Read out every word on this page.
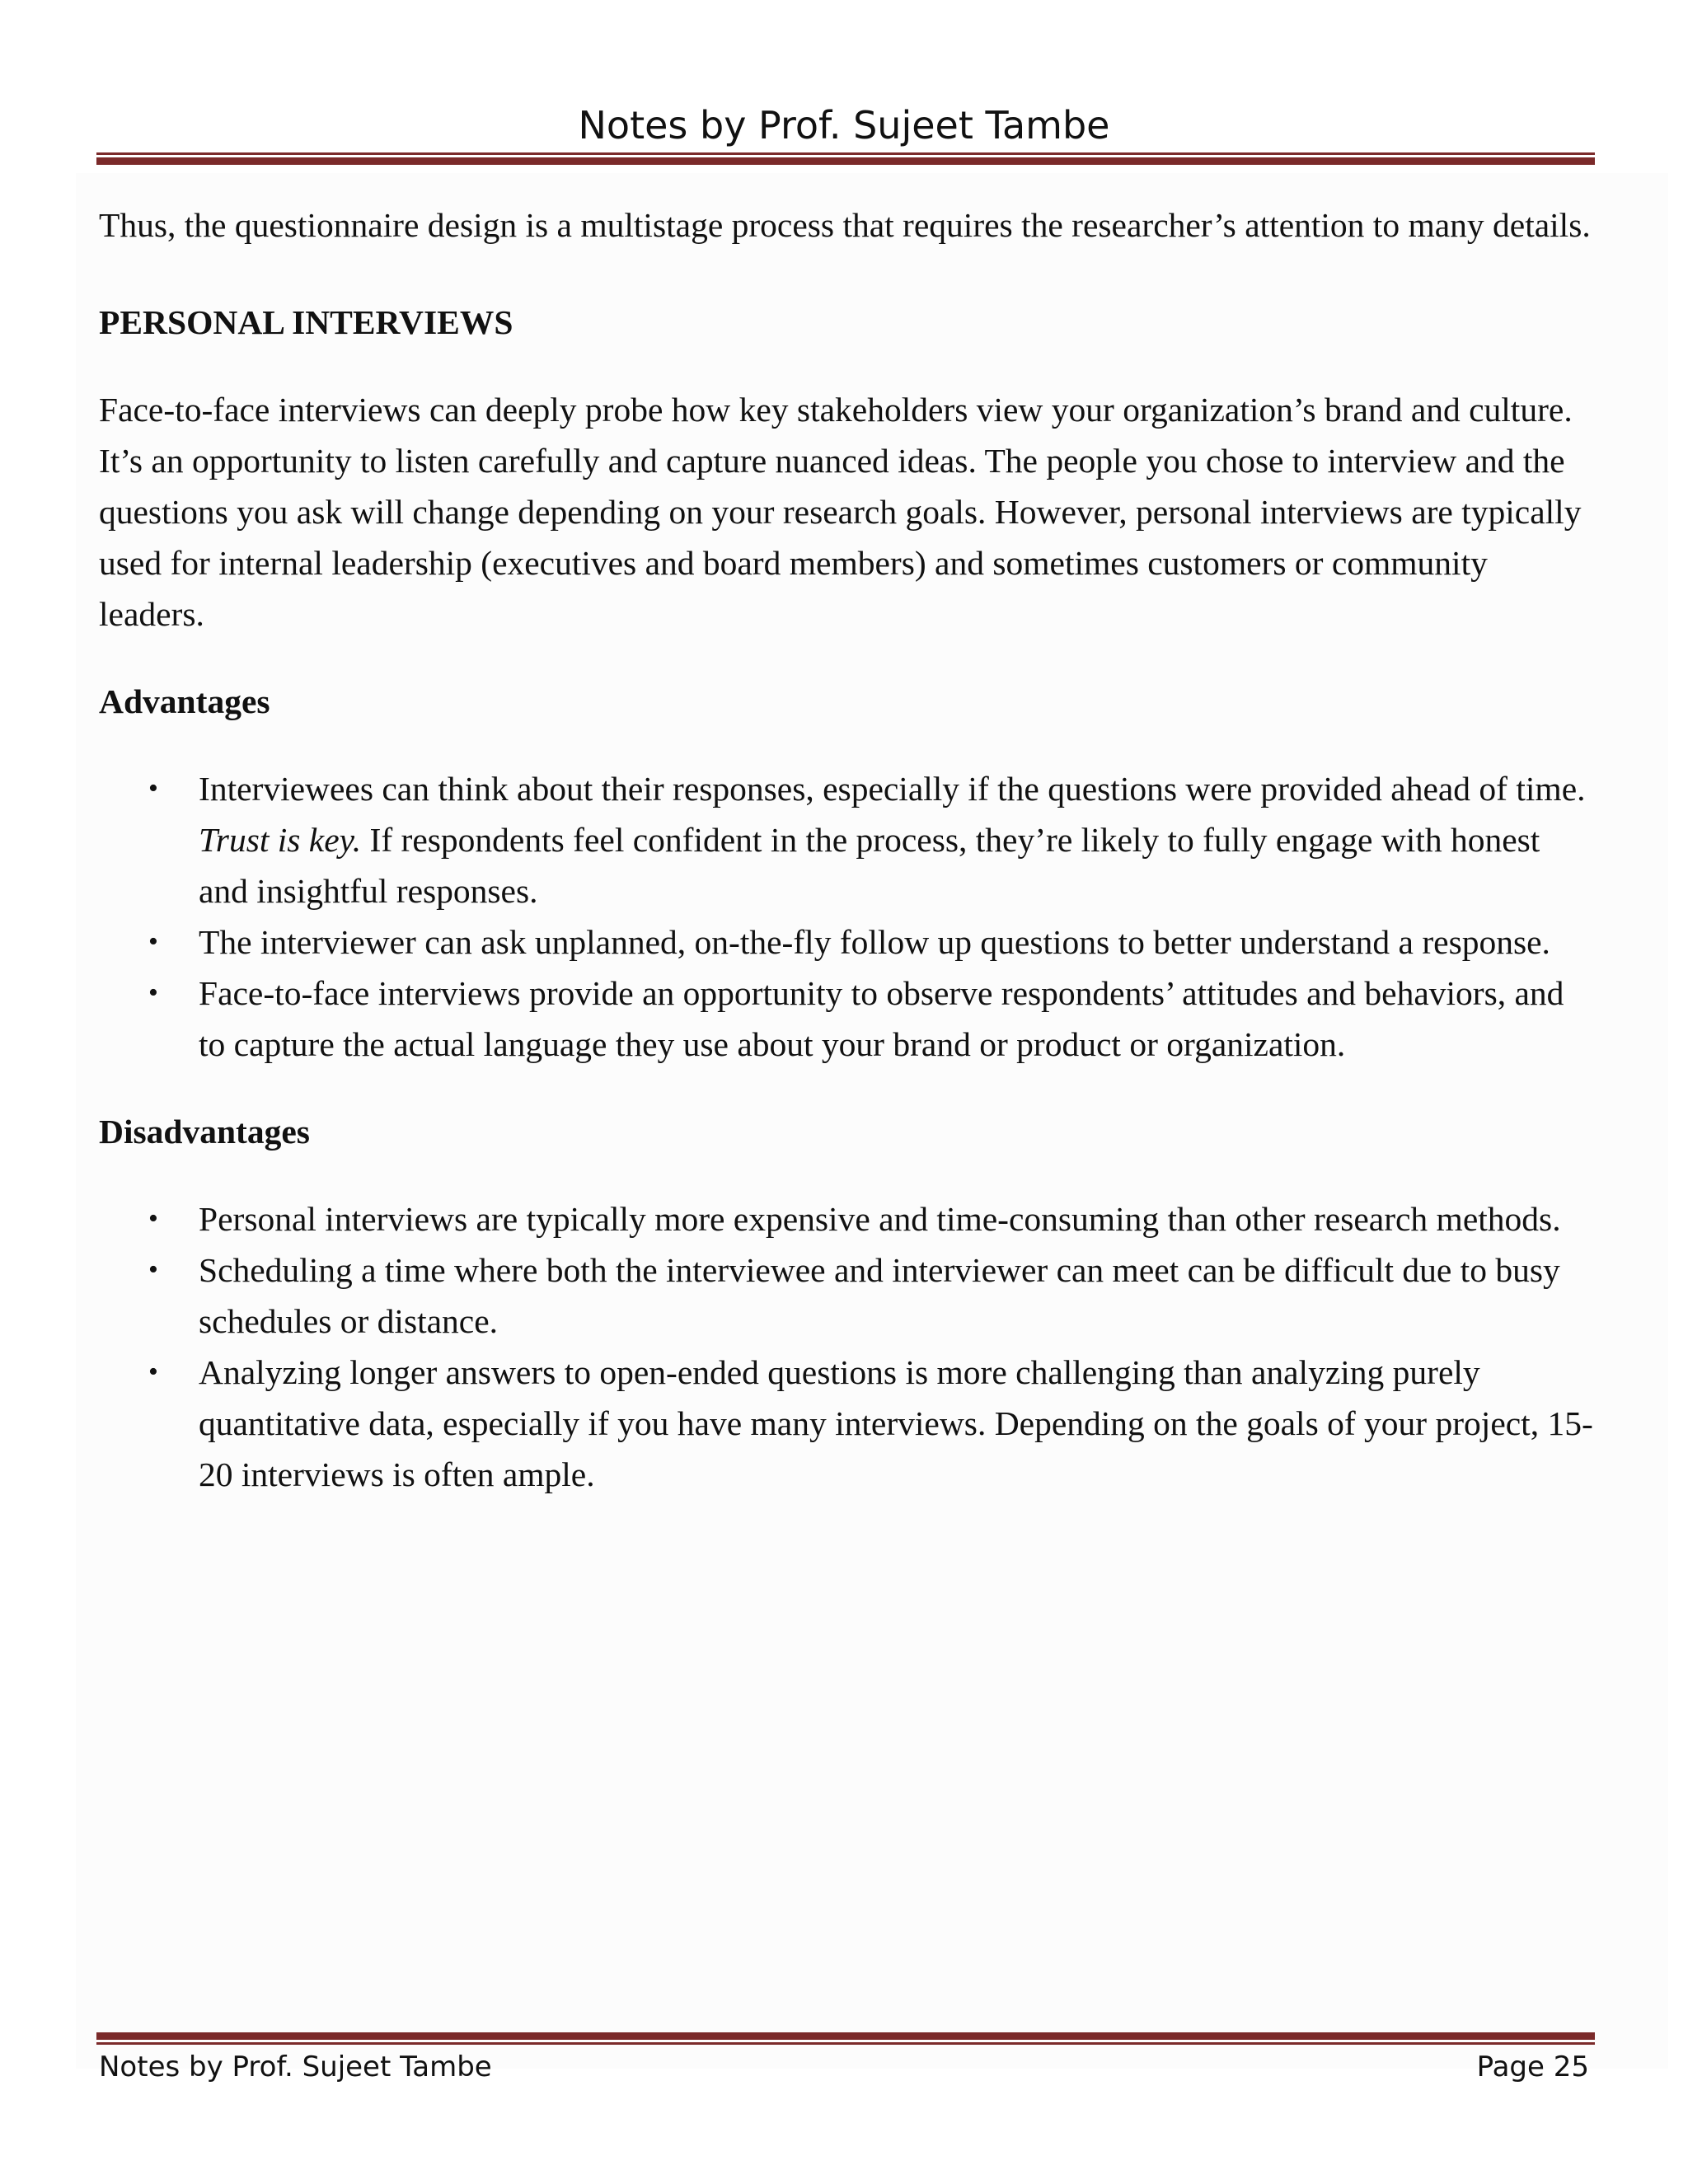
Notes by Prof. Sujeet Tambe

Thus, the questionnaire design is a multistage process that requires the researcher’s attention to many details.

PERSONAL INTERVIEWS

Face-to-face interviews can deeply probe how key stakeholders view your organization’s brand and culture. It’s an opportunity to listen carefully and capture nuanced ideas. The people you chose to interview and the questions you ask will change depending on your research goals. However, personal interviews are typically used for internal leadership (executives and board members) and sometimes customers or community leaders.

Advantages

• Interviewees can think about their responses, especially if the questions were provided ahead of time. Trust is key. If respondents feel confident in the process, they’re likely to fully engage with honest and insightful responses.
• The interviewer can ask unplanned, on-the-fly follow up questions to better understand a response.
• Face-to-face interviews provide an opportunity to observe respondents’ attitudes and behaviors, and to capture the actual language they use about your brand or product or organization.

Disadvantages

• Personal interviews are typically more expensive and time-consuming than other research methods.
• Scheduling a time where both the interviewee and interviewer can meet can be difficult due to busy schedules or distance.
• Analyzing longer answers to open-ended questions is more challenging than analyzing purely quantitative data, especially if you have many interviews. Depending on the goals of your project, 15-20 interviews is often ample.
Notes by Prof. Sujeet Tambe	Page 25
